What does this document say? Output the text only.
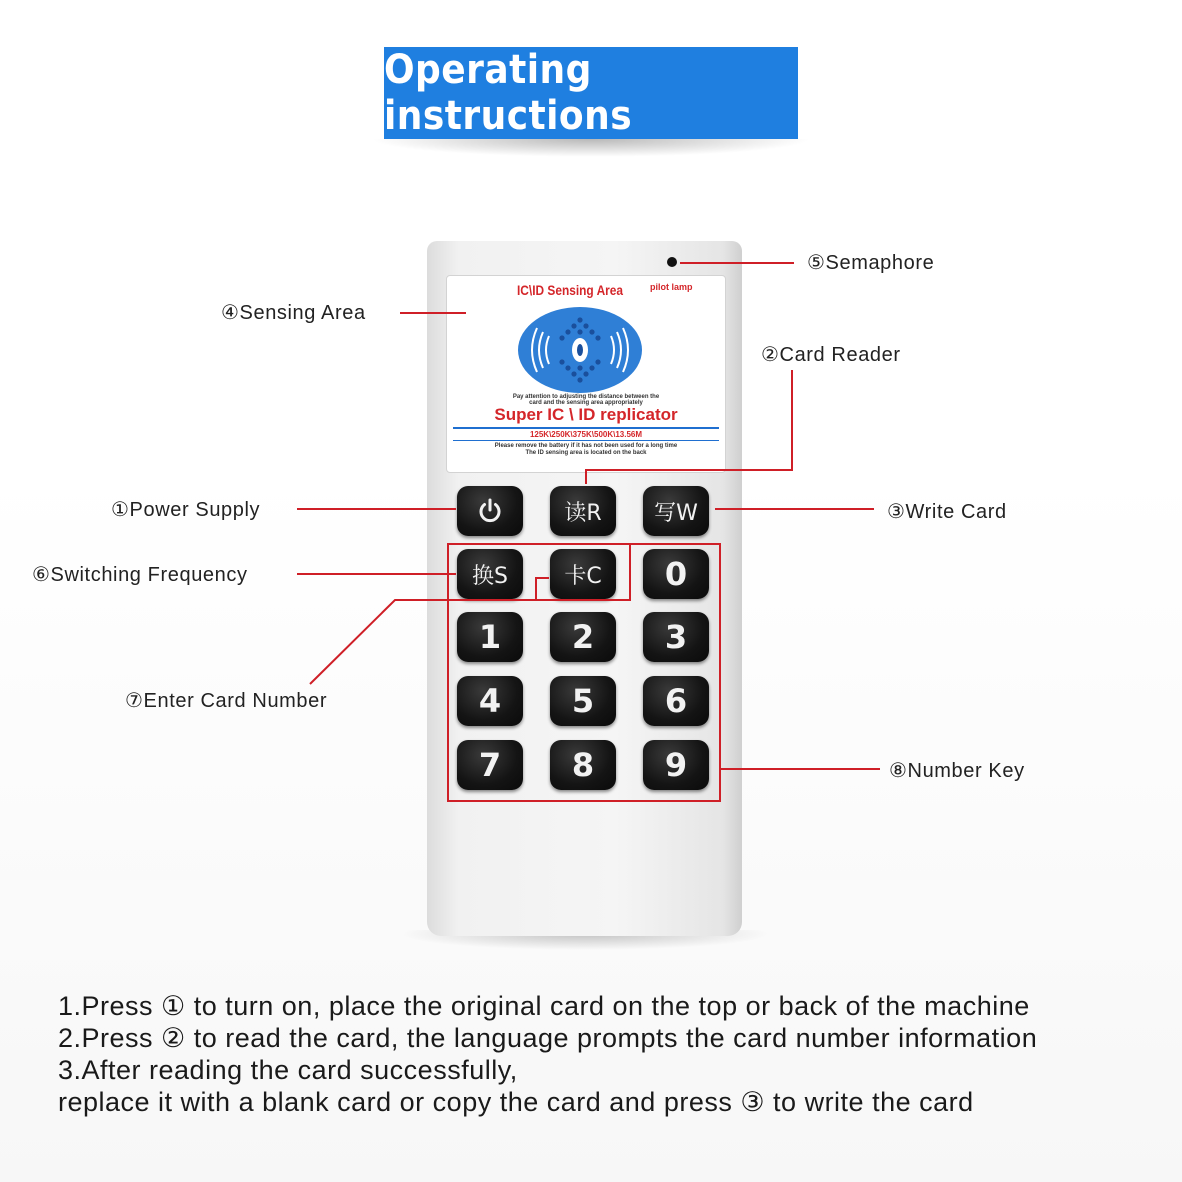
Operating instructions
IC\ID Sensing Area	pilot lamp
Pay attention to adjusting the distance between the
card and the sensing area appropriately
Super IC \ ID replicator
125K\250K\375K\500K\13.56M
Please remove the battery if it has not been used for a long time
The ID sensing area is located on the back
读R	写W
换S	卡C	0
1	2	3
4	5	6
7	8	9
⑤Semaphore
④Sensing Area
②Card Reader
①Power Supply	③Write Card
⑥Switching Frequency
⑦Enter Card Number
⑧Number Key
1.Press ① to turn on, place the original card on the top or back of the machine
2.Press ② to read the card, the language prompts the card number information
3.After reading the card successfully,
replace it with a blank card or copy the card and press ③ to write the card
